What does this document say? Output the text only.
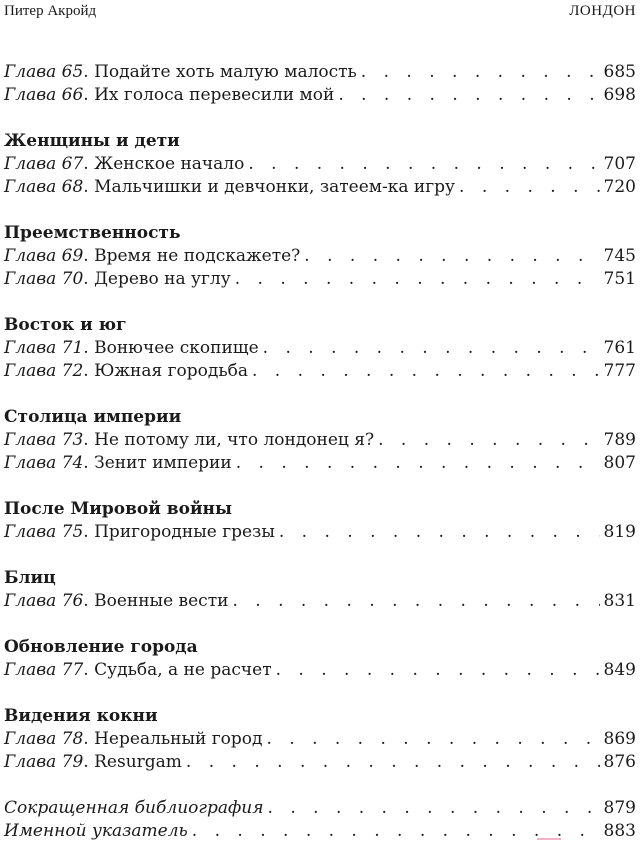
Питер Акройд	ЛОНДОН
Глава 65. Подайте хоть малую малость . . .	685
Глава 66. Их голоса перевесили мой . . .	698
Женщины и дети
Глава 67. Женское начало . . .	707
Глава 68. Мальчишки и девчонки, затеем-ка игру . . .	720
Преемственность
Глава 69. Время не подскажете? . . .	745
Глава 70. Дерево на углу . . .	751
Восток и юг
Глава 71. Вонючее скопище . . .	761
Глава 72. Южная городьба . . .	777
Столица империи
Глава 73. Не потому ли, что лондонец я? . . .	789
Глава 74. Зенит империи . . .	807
После Мировой войны
Глава 75. Пригородные грезы . . .	819
Блиц
Глава 76. Военные вести . . .	831
Обновление города
Глава 77. Судьба, а не расчет . . .	849
Видения кокни
Глава 78. Нереальный город . . .	869
Глава 79. Resurgam . . .	876
Сокращенная библиография . . .	879
Именной указатель . . .	883
